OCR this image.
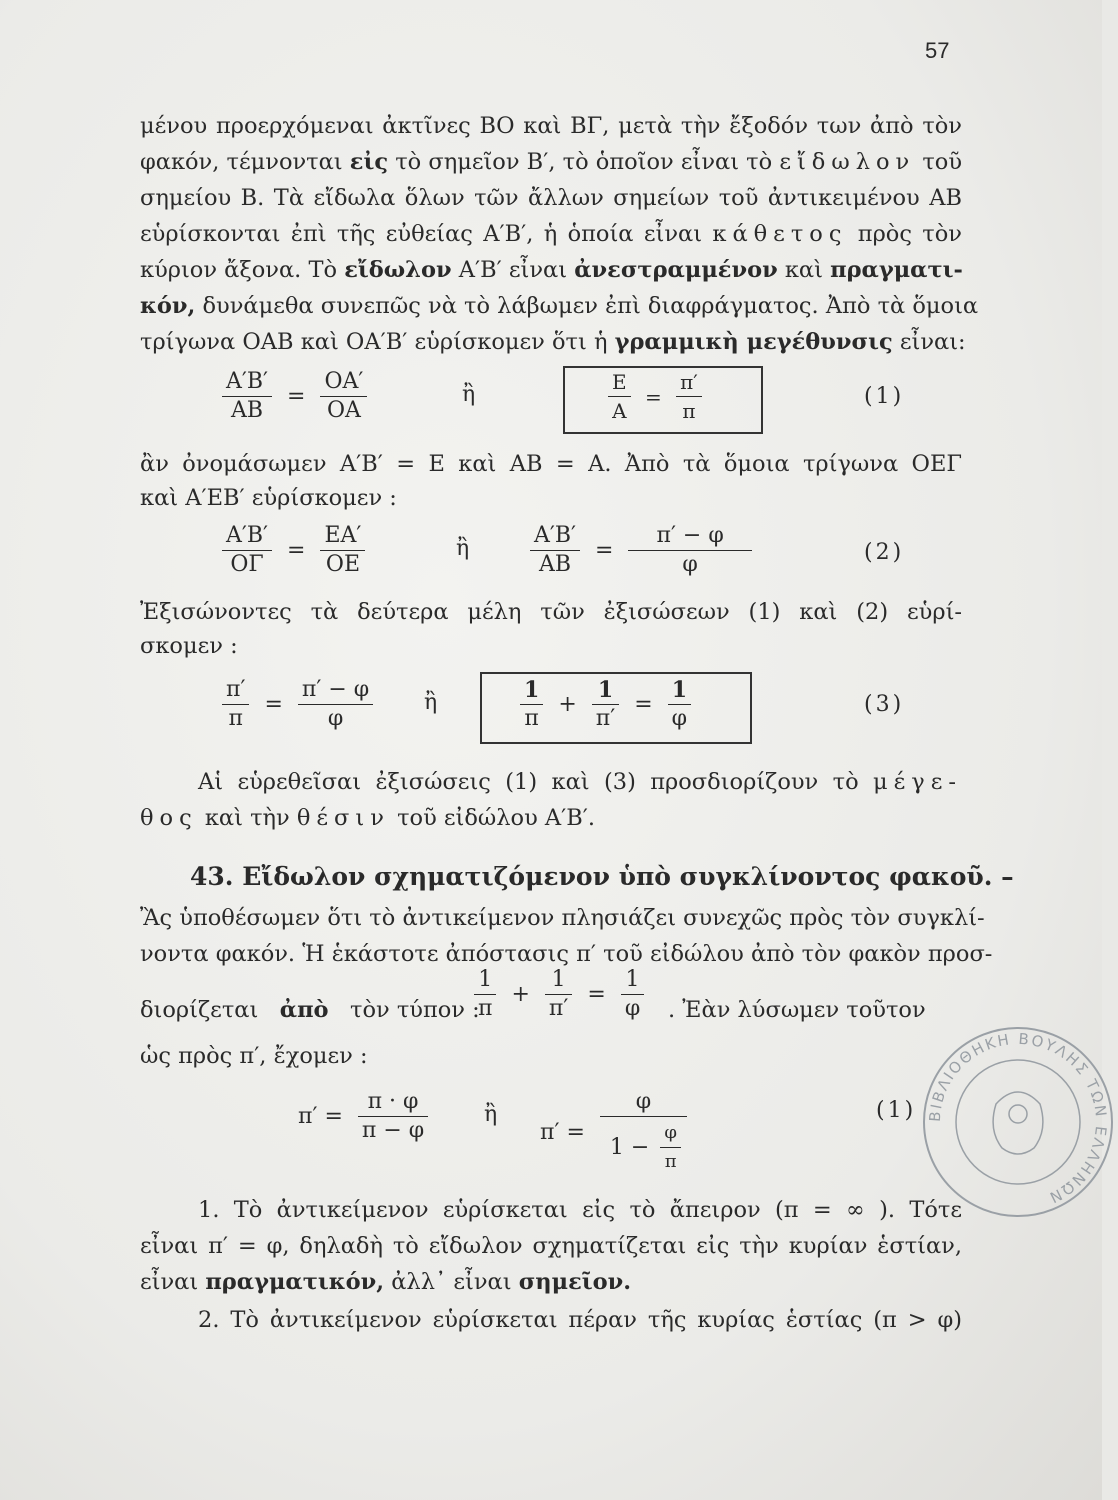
57
μένου προερχόμεναι ἀκτῖνες ΒΟ καὶ ΒΓ, μετὰ τὴν ἔξοδόν των ἀπὸ τὸν
φακόν, τέμνονται εἰς τὸ σημεῖον Β′, τὸ ὁποῖον εἶναι τὸ εἴδωλον τοῦ
σημείου Β. Τὰ εἴδωλα ὅλων τῶν ἄλλων σημείων τοῦ ἀντικειμένου ΑΒ
εὑρίσκονται ἐπὶ τῆς εὐθείας Α′Β′, ἡ ὁποία εἶναι κάθετος πρὸς τὸν
κύριον ἄξονα. Τὸ εἴδωλον Α′Β′ εἶναι ἀνεστραμμένον καὶ πραγματι-
κόν, δυνάμεθα συνεπῶς νὰ τὸ λάβωμεν ἐπὶ διαφράγματος. Ἀπὸ τὰ ὅμοια
τρίγωνα ΟΑΒ καὶ ΟΑ′Β′ εὑρίσκομεν ὅτι ἡ γραμμικὴ μεγέθυνσις εἶναι:
$\frac{A'B'}{AB} = \frac{OA'}{OA}$	ἢ	$\frac{E}{A} = \frac{\pi'}{\pi}$	(1)
ἂν ὀνομάσωμεν Α′Β′ = Ε καὶ ΑΒ = Α. Ἀπὸ τὰ ὅμοια τρίγωνα ΟΕΓ
καὶ Α′ΕΒ′ εὑρίσκομεν :
$\frac{A'B'}{O\Gamma} = \frac{EA'}{OE}$	ἢ	$\frac{A'B'}{AB} = \frac{\pi' - \varphi}{\varphi}$	(2)
Ἐξισώνοντες τὰ δεύτερα μέλη τῶν ἐξισώσεων (1) καὶ (2) εὑρί-
σκομεν :
$\frac{\pi'}{\pi} = \frac{\pi' - \varphi}{\varphi}$ ἢ	$\frac{1}{\pi} + \frac{1}{\pi'} = \frac{1}{\varphi}$	(3)
Αἱ εὑρεθεῖσαι ἐξισώσεις (1) καὶ (3) προσδιορίζουν τὸ μέγε-
θος καὶ τὴν θέσιν τοῦ εἰδώλου Α′Β′.
43. Εἴδωλον σχηματιζόμενον ὑπὸ συγκλίνοντος φακοῦ. –
Ἂς ὑποθέσωμεν ὅτι τὸ ἀντικείμενον πλησιάζει συνεχῶς πρὸς τὸν συγκλί-
νοντα φακόν. Ἡ ἑκάστοτε ἀπόστασις π′ τοῦ εἰδώλου ἀπὸ τὸν φακὸν προσ-
διορίζεται ἀπὸ τὸν τύπον :
$\frac{1}{\pi} + \frac{1}{\pi'} = \frac{1}{\varphi}$ . Ἐὰν λύσωμεν τοῦτον
ὡς πρὸς π′, ἔχομεν :
$\pi' = \frac{\pi \cdot \varphi}{\pi - \varphi}$	ἢ
$\pi' = \frac{\varphi}{1 - \frac{\varphi}{\pi}}$	(1)
1. Τὸ ἀντικείμενον εὑρίσκεται εἰς τὸ ἄπειρον (π = ∞ ). Τότε
εἶναι π′ = φ, δηλαδὴ τὸ εἴδωλον σχηματίζεται εἰς τὴν κυρίαν ἑστίαν,
εἶναι πραγματικόν, ἀλλ᾽ εἶναι σημεῖον.
2. Τὸ ἀντικείμενον εὑρίσκεται πέραν τῆς κυρίας ἑστίας (π > φ)
ΒΙΒΛΙΟΘΗΚΗ ΒΟΥΛΗΣ ΤΩΝ ΕΛΛΗΝΩΝ
